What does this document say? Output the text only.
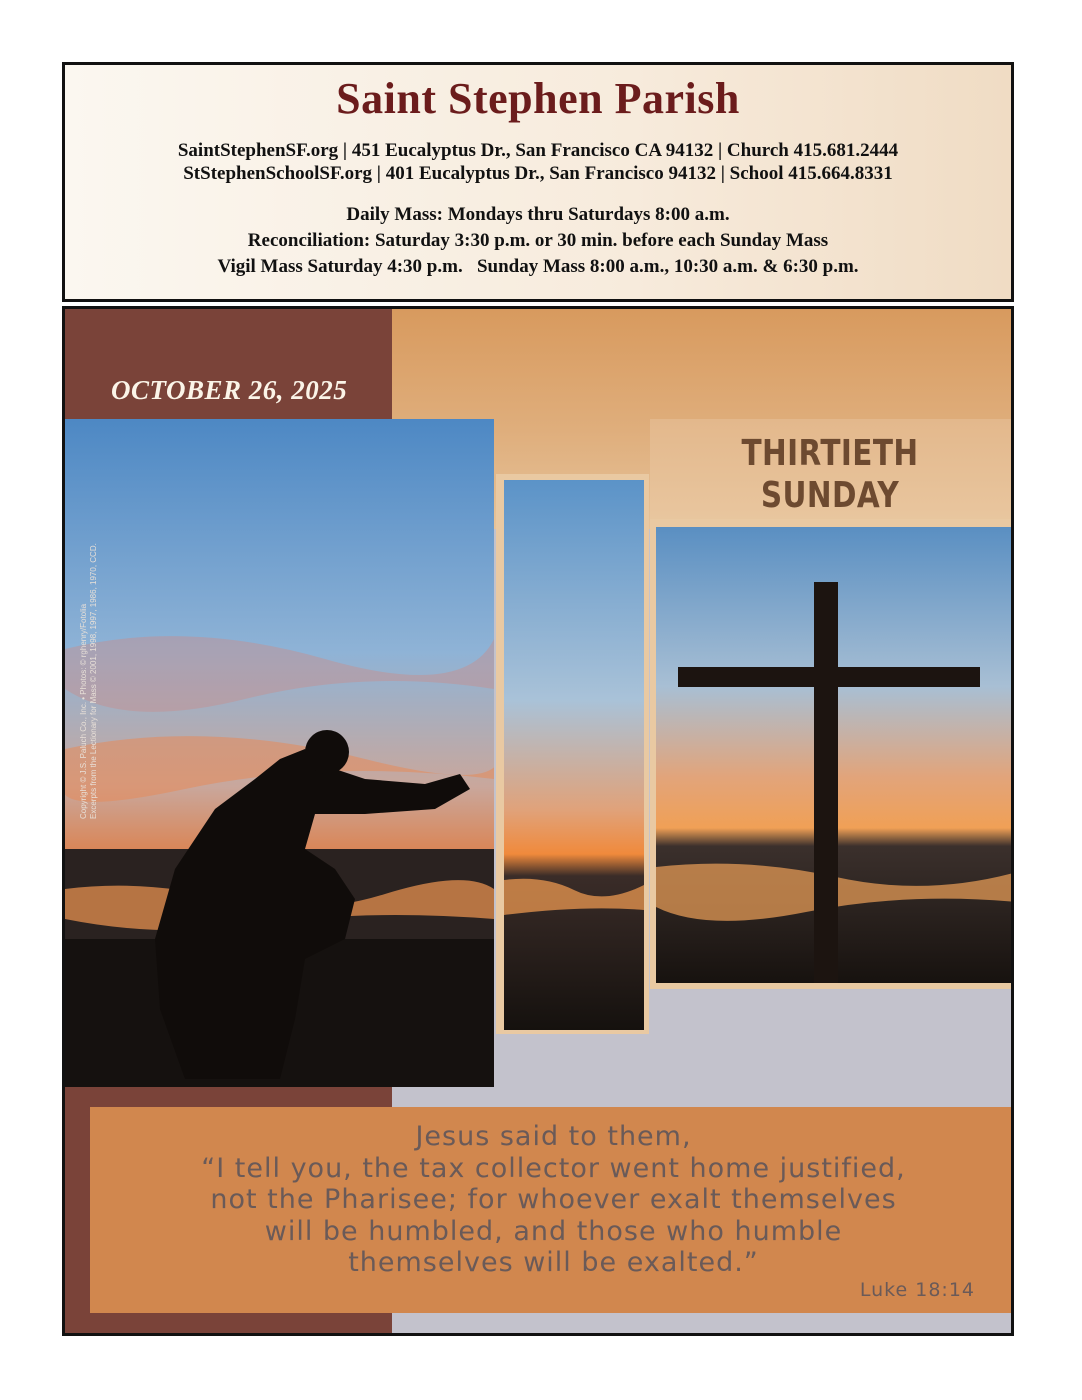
Saint Stephen Parish
SaintStephenSF.org | 451 Eucalyptus Dr., San Francisco CA 94132 | Church 415.681.2444
StStephenSchoolSF.org | 401 Eucalyptus Dr., San Francisco 94132 | School 415.664.8331
Daily Mass: Mondays thru Saturdays 8:00 a.m.
Reconciliation: Saturday 3:30 p.m. or 30 min. before each Sunday Mass
Vigil Mass Saturday 4:30 p.m.   Sunday Mass 8:00 a.m., 10:30 a.m. & 6:30 p.m.
OCTOBER 26, 2025
THIRTIETH SUNDAY
Copyright © J.S. Paluch Co., Inc. • Photos: © rghenry/Fotolia Excerpts from the Lectionary for Mass © 2001, 1998, 1997, 1986, 1970, CCD.
Jesus said to them,
“I tell you, the tax collector went home justified,
not the Pharisee; for whoever exalt themselves
will be humbled, and those who humble
themselves will be exalted.”
Luke 18:14
